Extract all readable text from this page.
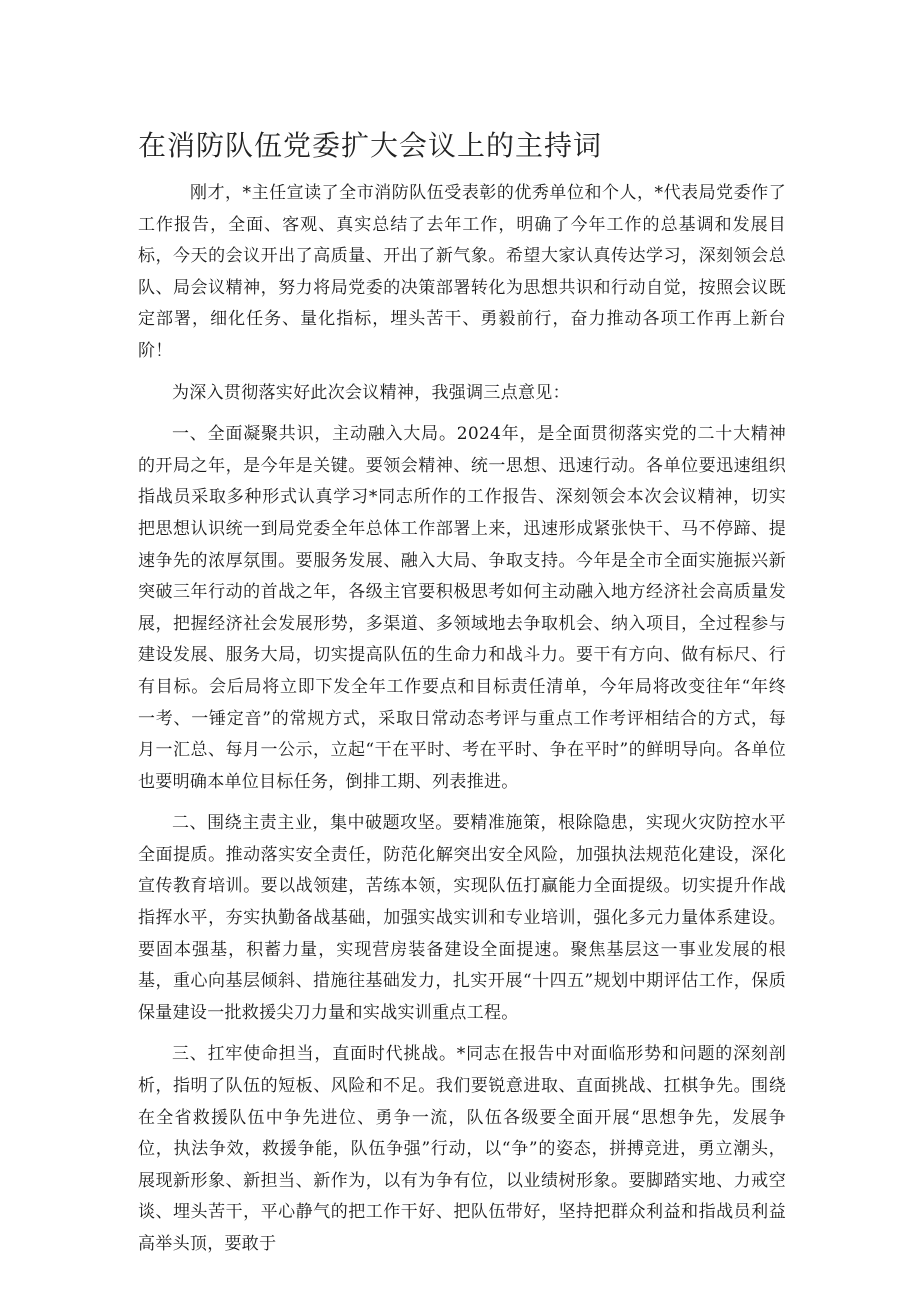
在消防队伍党委扩大会议上的主持词

刚才，*主任宣读了全市消防队伍受表彰的优秀单位和个人，*代表局党委作了工作报告，全面、客观、真实总结了去年工作，明确了今年工作的总基调和发展目标，今天的会议开出了高质量、开出了新气象。希望大家认真传达学习，深刻领会总队、局会议精神，努力将局党委的决策部署转化为思想共识和行动自觉，按照会议既定部署，细化任务、量化指标，埋头苦干、勇毅前行，奋力推动各项工作再上新台阶！

为深入贯彻落实好此次会议精神，我强调三点意见：

一、全面凝聚共识，主动融入大局。2024年，是全面贯彻落实党的二十大精神的开局之年，是今年是关键。要领会精神、统一思想、迅速行动。各单位要迅速组织指战员采取多种形式认真学习*同志所作的工作报告、深刻领会本次会议精神，切实把思想认识统一到局党委全年总体工作部署上来，迅速形成紧张快干、马不停蹄、提速争先的浓厚氛围。要服务发展、融入大局、争取支持。今年是全市全面实施振兴新突破三年行动的首战之年，各级主官要积极思考如何主动融入地方经济社会高质量发展，把握经济社会发展形势，多渠道、多领域地去争取机会、纳入项目，全过程参与建设发展、服务大局，切实提高队伍的生命力和战斗力。要干有方向、做有标尺、行有目标。会后局将立即下发全年工作要点和目标责任清单，今年局将改变往年“年终一考、一锤定音”的常规方式，采取日常动态考评与重点工作考评相结合的方式，每月一汇总、每月一公示，立起“干在平时、考在平时、争在平时”的鲜明导向。各单位也要明确本单位目标任务，倒排工期、列表推进。

二、围绕主责主业，集中破题攻坚。要精准施策，根除隐患，实现火灾防控水平全面提质。推动落实安全责任，防范化解突出安全风险，加强执法规范化建设，深化宣传教育培训。要以战领建，苦练本领，实现队伍打赢能力全面提级。切实提升作战指挥水平，夯实执勤备战基础，加强实战实训和专业培训，强化多元力量体系建设。要固本强基，积蓄力量，实现营房装备建设全面提速。聚焦基层这一事业发展的根基，重心向基层倾斜、措施往基础发力，扎实开展“十四五”规划中期评估工作，保质保量建设一批救援尖刀力量和实战实训重点工程。

三、扛牢使命担当，直面时代挑战。*同志在报告中对面临形势和问题的深刻剖析，指明了队伍的短板、风险和不足。我们要锐意进取、直面挑战、扛棋争先。围绕在全省救援队伍中争先进位、勇争一流，队伍各级要全面开展“思想争先，发展争位，执法争效，救援争能，队伍争强”行动，以“争”的姿态，拼搏竞进，勇立潮头，展现新形象、新担当、新作为，以有为争有位，以业绩树形象。要脚踏实地、力戒空谈、埋头苦干，平心静气的把工作干好、把队伍带好，坚持把群众利益和指战员利益高举头顶，要敢于
